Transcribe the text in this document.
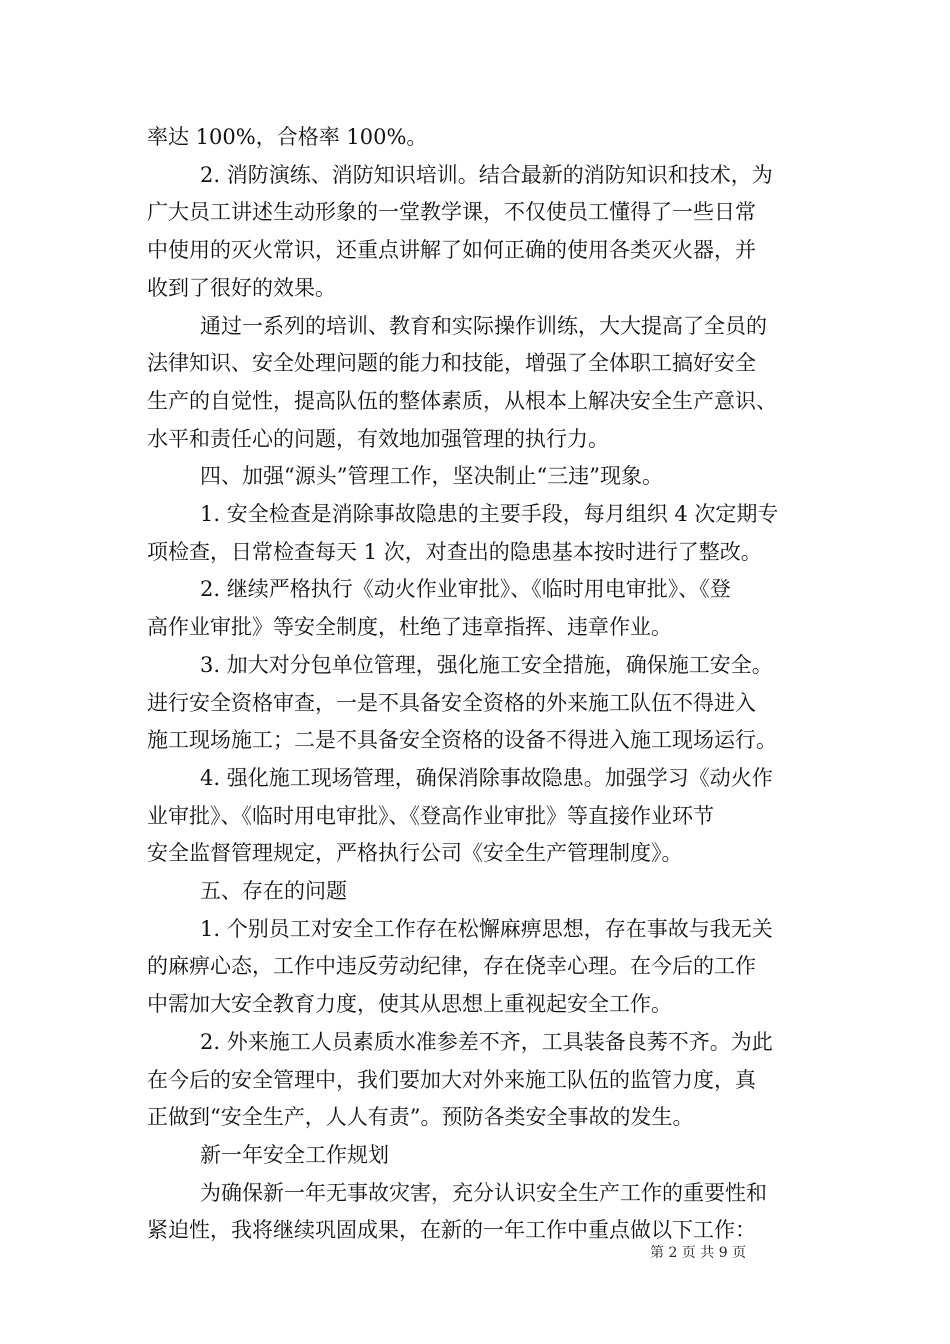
率达 100%，合格率 100%。
2. 消防演练、消防知识培训。结合最新的消防知识和技术，为
广大员工讲述生动形象的一堂教学课，不仅使员工懂得了一些日常
中使用的灭火常识，还重点讲解了如何正确的使用各类灭火器，并
收到了很好的效果。
通过一系列的培训、教育和实际操作训练，大大提高了全员的
法律知识、安全处理问题的能力和技能，增强了全体职工搞好安全
生产的自觉性，提高队伍的整体素质，从根本上解决安全生产意识、
水平和责任心的问题，有效地加强管理的执行力。
四、加强“源头”管理工作，坚决制止“三违”现象。
1. 安全检查是消除事故隐患的主要手段，每月组织 4 次定期专
项检查，日常检查每天 1 次，对查出的隐患基本按时进行了整改。
2. 继续严格执行《动火作业审批》、《临时用电审批》、《登
高作业审批》等安全制度，杜绝了违章指挥、违章作业。
3. 加大对分包单位管理，强化施工安全措施，确保施工安全。
进行安全资格审查，一是不具备安全资格的外来施工队伍不得进入
施工现场施工；二是不具备安全资格的设备不得进入施工现场运行。
4. 强化施工现场管理，确保消除事故隐患。加强学习《动火作
业审批》、《临时用电审批》、《登高作业审批》等直接作业环节
安全监督管理规定，严格执行公司《安全生产管理制度》。
五、存在的问题
1. 个别员工对安全工作存在松懈麻痹思想，存在事故与我无关
的麻痹心态，工作中违反劳动纪律，存在侥幸心理。在今后的工作
中需加大安全教育力度，使其从思想上重视起安全工作。
2. 外来施工人员素质水准参差不齐，工具装备良莠不齐。为此
在今后的安全管理中，我们要加大对外来施工队伍的监管力度，真
正做到“安全生产，人人有责”。预防各类安全事故的发生。
新一年安全工作规划
为确保新一年无事故灾害，充分认识安全生产工作的重要性和
紧迫性，我将继续巩固成果，在新的一年工作中重点做以下工作：
第 2 页 共 9 页
